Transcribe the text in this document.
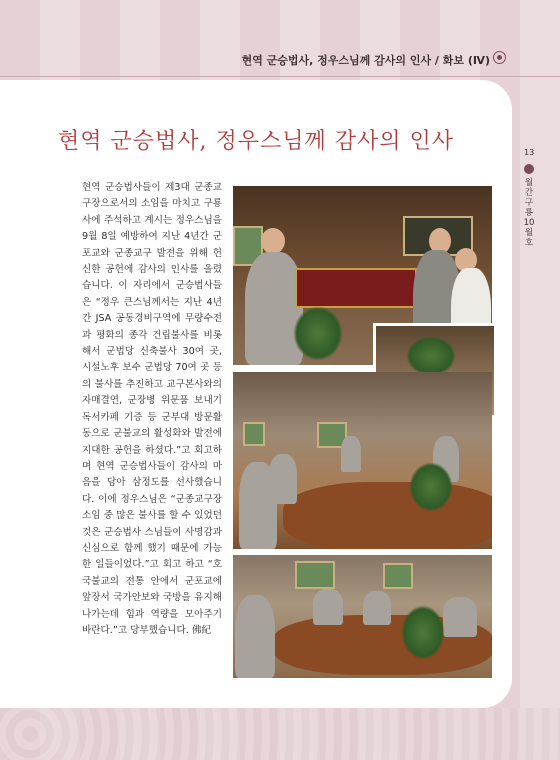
현역 군승법사, 정우스님께 감사의 인사 / 화보 (Ⅳ)
현역 군승법사, 정우스님께 감사의 인사
현역 군승법사들이 제3대 군종교구장으로서의 소임을 마치고 구룡사에 주석하고 계시는 정우스님을 9월 8일 예방하여 지난 4년간 군포교와 군종교구 발전을 위해 헌신한 공헌에 감사의 인사를 올렸습니다. 이 자리에서 군승법사들은 “정우 큰스님께서는 지난 4년간 JSA 공동경비구역에 무량수전과 평화의 종각 건립불사를 비롯해서 군법당 신축불사 30여 곳, 시설노후 보수 군법당 70여 곳 등의 불사를 추진하고 교구본사와의 자매결연, 군장병 위문품 보내기 독서카페 기증 등 군부대 방문활동으로 군불교의 활성화와 발전에 지대한 공헌을 하셨다.”고 회고하며 현역 군승법사들이 감사의 마음을 담아 삼정도를 선사했습니다. 이에 정우스님은 “군종교구장 소임 중 많은 불사를 할 수 있었던 것은 군승법사 스님들이 사명감과 신심으로 함께 했기 때문에 가능한 일들이었다.”고 회고 하고 “호국불교의 전통 안에서 군포교에 앞장서 국가안보와 국방을 유지해 나가는데 힘과 역량을 모아주기 바란다.”고 당부했습니다. 佛紀
13
월간구룡 10월호
